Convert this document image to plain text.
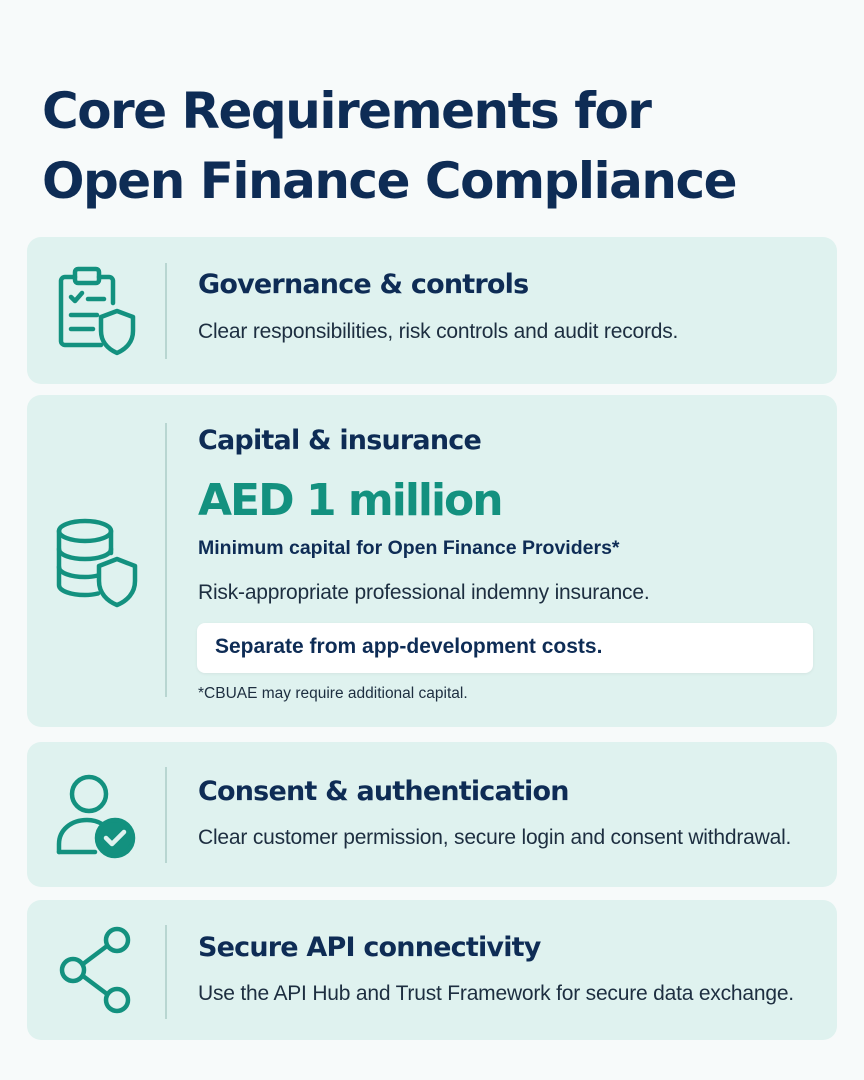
Core Requirements for
Open Finance Compliance
Governance & controls

Clear responsibilities, risk controls and audit records.

Capital & insurance
AED 1 million
Minimum capital for Open Finance Providers*

Risk-appropriate professional indemny insurance.

Separate from app-development costs.
*CBUAE may require additional capital.
Consent & authentication

Clear customer permission, secure login and consent withdrawal.

Secure API connectivity

Use the API Hub and Trust Framework for secure data exchange.
